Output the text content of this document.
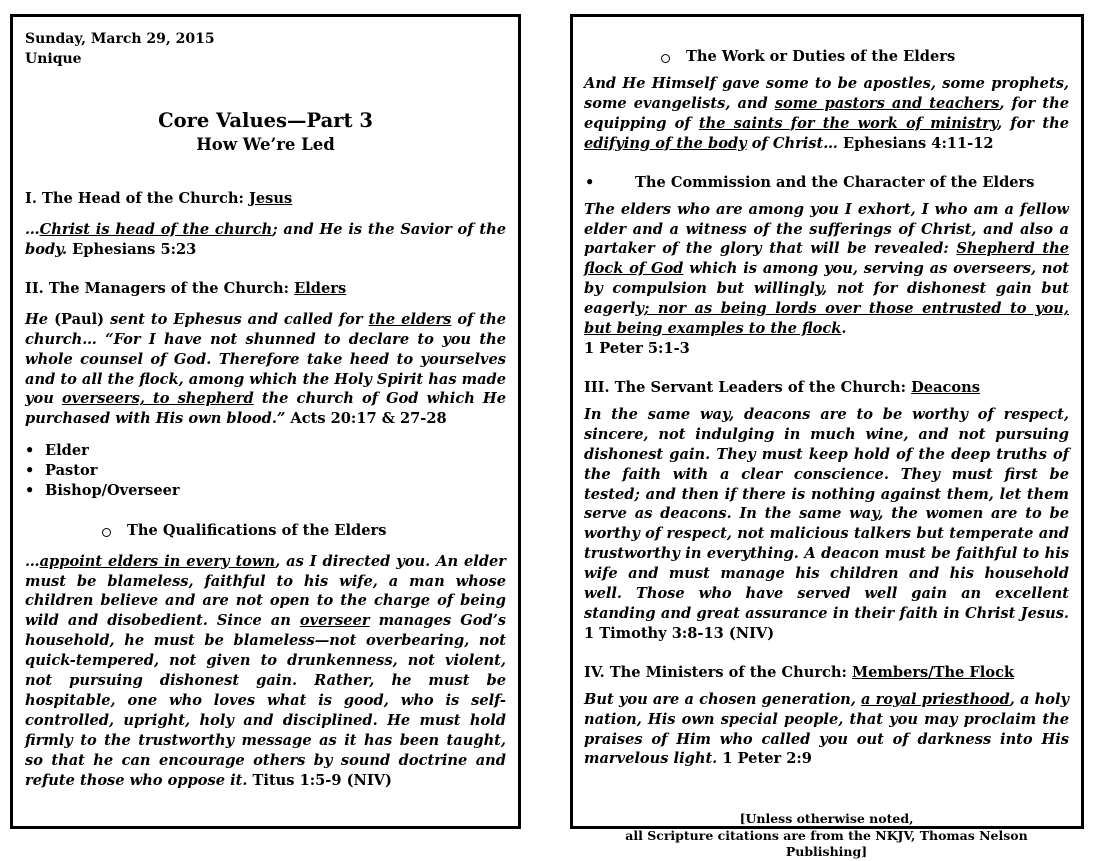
Sunday, March 29, 2015

Unique

Core Values—Part 3
How We’re Led
I. The Head of the Church: Jesus

…Christ is head of the church; and He is the Savior of the body. Ephesians 5:23

II. The Managers of the Church: Elders

He (Paul) sent to Ephesus and called for the elders of the church… “For I have not shunned to declare to you the whole counsel of God. Therefore take heed to yourselves and to all the flock, among which the Holy Spirit has made you overseers, to shepherd the church of God which He purchased with His own blood.” Acts 20:17 & 27-28

• Elder
• Pastor
• Bishop/Overseer
The Qualifications of the Elders

…appoint elders in every town, as I directed you. An elder must be blameless, faithful to his wife, a man whose children believe and are not open to the charge of being wild and disobedient. Since an overseer manages God’s household, he must be blameless—not overbearing, not quick-tempered, not given to drunkenness, not violent, not pursuing dishonest gain. Rather, he must be hospitable, one who loves what is good, who is self-controlled, upright, holy and disciplined. He must hold firmly to the trustworthy message as it has been taught, so that he can encourage others by sound doctrine and refute those who oppose it. Titus 1:5-9 (NIV)

The Work or Duties of the Elders

And He Himself gave some to be apostles, some prophets, some evangelists, and some pastors and teachers, for the equipping of the saints for the work of ministry, for the edifying of the body of Christ… Ephesians 4:11-12

•	The Commission and the Character of the Elders

The elders who are among you I exhort, I who am a fellow elder and a witness of the sufferings of Christ, and also a partaker of the glory that will be revealed: Shepherd the flock of God which is among you, serving as overseers, not by compulsion but willingly, not for dishonest gain but eagerly; nor as being lords over those entrusted to you, but being examples to the flock.
1 Peter 5:1-3

III. The Servant Leaders of the Church: Deacons

In the same way, deacons are to be worthy of respect, sincere, not indulging in much wine, and not pursuing dishonest gain. They must keep hold of the deep truths of the faith with a clear conscience. They must first be tested; and then if there is nothing against them, let them serve as deacons. In the same way, the women are to be worthy of respect, not malicious talkers but temperate and trustworthy in everything. A deacon must be faithful to his wife and must manage his children and his household well. Those who have served well gain an excellent standing and great assurance in their faith in Christ Jesus. 1 Timothy 3:8-13 (NIV)

IV. The Ministers of the Church: Members/The Flock

But you are a chosen generation, a royal priesthood, a holy nation, His own special people, that you may proclaim the praises of Him who called you out of darkness into His marvelous light. 1 Peter 2:9

[Unless otherwise noted,
all Scripture citations are from the NKJV, Thomas Nelson Publishing]
